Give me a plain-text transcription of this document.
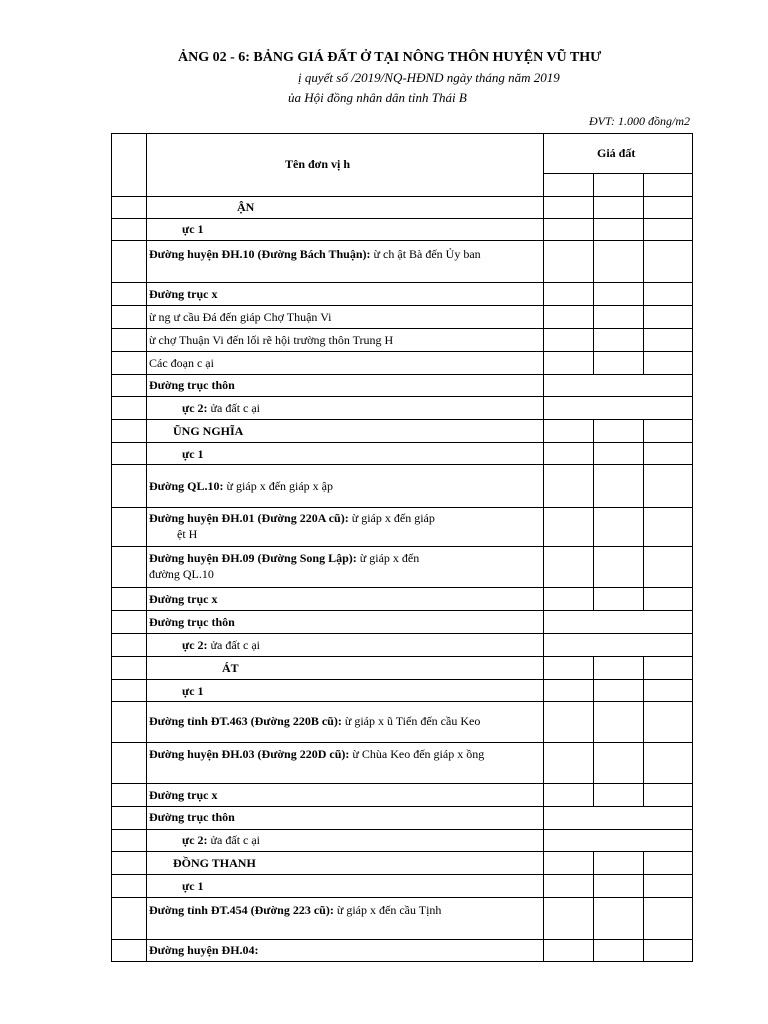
ẢNG 02 - 6: BẢNG GIÁ ĐẤT Ở TẠI NÔNG THÔN HUYỆN VŨ THƯ
ị quyết số /2019/NQ-HĐND ngày tháng năm 2019
ủa Hội đồng nhân dân tỉnh Thái B
ĐVT: 1.000 đồng/m2
Tên đơn vị h
Giá đất
ẬN
ực 1
Đường huyện ĐH.10 (Đường Bách Thuận): ừ ch ật Bà đến Ủy ban
Đường trục x
ừ ng ư cầu Đá đến giáp Chợ Thuận Vi
ừ chợ Thuận Vi đến lối rẽ hội trường thôn Trung H
Các đoạn c ại
Đường trục thôn
ực 2: ửa đất c ại
ŨNG NGHĨA
ực 1
Đường QL.10: ừ giáp x đến giáp x ập
Đường huyện ĐH.01 (Đường 220A cũ): ừ giáp x đến giáp
ệt H
Đường huyện ĐH.09 (Đường Song Lập): ừ giáp x đến
đường QL.10
Đường trục x
Đường trục thôn
ực 2: ửa đất c ại
ÁT
ực 1
Đường tỉnh ĐT.463 (Đường 220B cũ): ừ giáp x ũ Tiến đến cầu Keo
Đường huyện ĐH.03 (Đường 220D cũ): ừ Chùa Keo đến giáp x ồng
Đường trục x
Đường trục thôn
ực 2: ửa đất c ại
ĐỒNG THANH
ực 1
Đường tỉnh ĐT.454 (Đường 223 cũ): ừ giáp x đến cầu Tịnh
Đường huyện ĐH.04:
